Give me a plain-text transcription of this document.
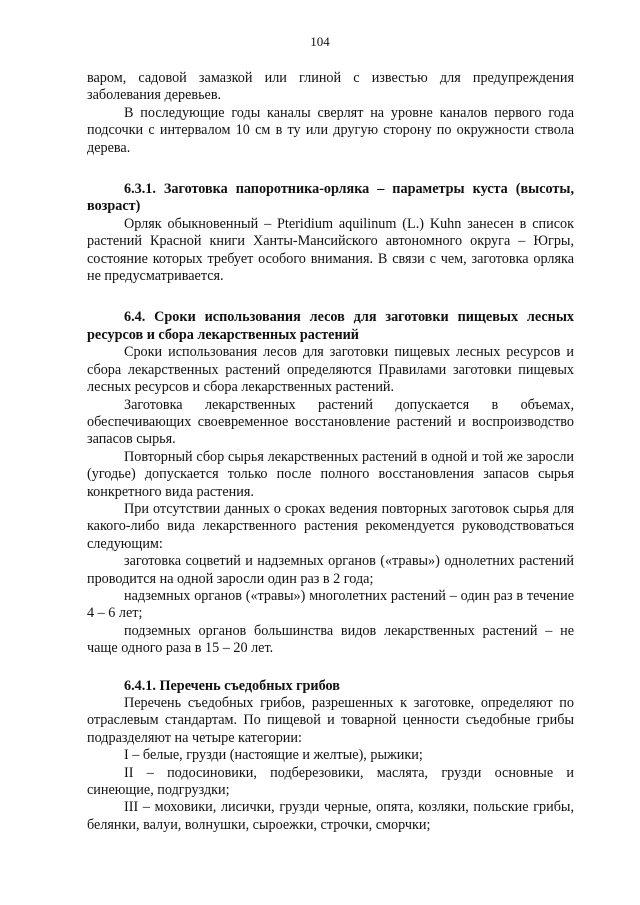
104

варом, садовой замазкой или глиной с известью для предупреждения заболевания деревьев.

В последующие годы каналы сверлят на уровне каналов первого года подсочки с интервалом 10 см в ту или другую сторону по окружности ствола дерева.

6.3.1. Заготовка папоротника-орляка – параметры куста (высоты, возраст)

Орляк обыкновенный – Pteridium aquilinum (L.) Kuhn занесен в список растений Красной книги Ханты-Мансийского автономного округа – Югры, состояние которых требует особого внимания. В связи с чем, заготовка орляка не предусматривается.

6.4. Сроки использования лесов для заготовки пищевых лесных ресурсов и сбора лекарственных растений

Сроки использования лесов для заготовки пищевых лесных ресурсов и сбора лекарственных растений определяются Правилами заготовки пищевых лесных ресурсов и сбора лекарственных растений.

Заготовка лекарственных растений допускается в объемах, обеспечивающих своевременное восстановление растений и воспроизводство запасов сырья.

Повторный сбор сырья лекарственных растений в одной и той же заросли (угодье) допускается только после полного восстановления запасов сырья конкретного вида растения.

При отсутствии данных о сроках ведения повторных заготовок сырья для какого-либо вида лекарственного растения рекомендуется руководствоваться следующим:

заготовка соцветий и надземных органов («травы») однолетних растений проводится на одной заросли один раз в 2 года;

надземных органов («травы») многолетних растений – один раз в течение 4 – 6 лет;

подземных органов большинства видов лекарственных растений – не чаще одного раза в 15 – 20 лет.

6.4.1. Перечень съедобных грибов

Перечень съедобных грибов, разрешенных к заготовке, определяют по отраслевым стандартам. По пищевой и товарной ценности съедобные грибы подразделяют на четыре категории:

I – белые, грузди (настоящие и желтые), рыжики;

II – подосиновики, подберезовики, маслята, грузди основные и синеющие, подгруздки;

III – моховики, лисички, грузди черные, опята, козляки, польские грибы, белянки, валуи, волнушки, сыроежки, строчки, сморчки;
